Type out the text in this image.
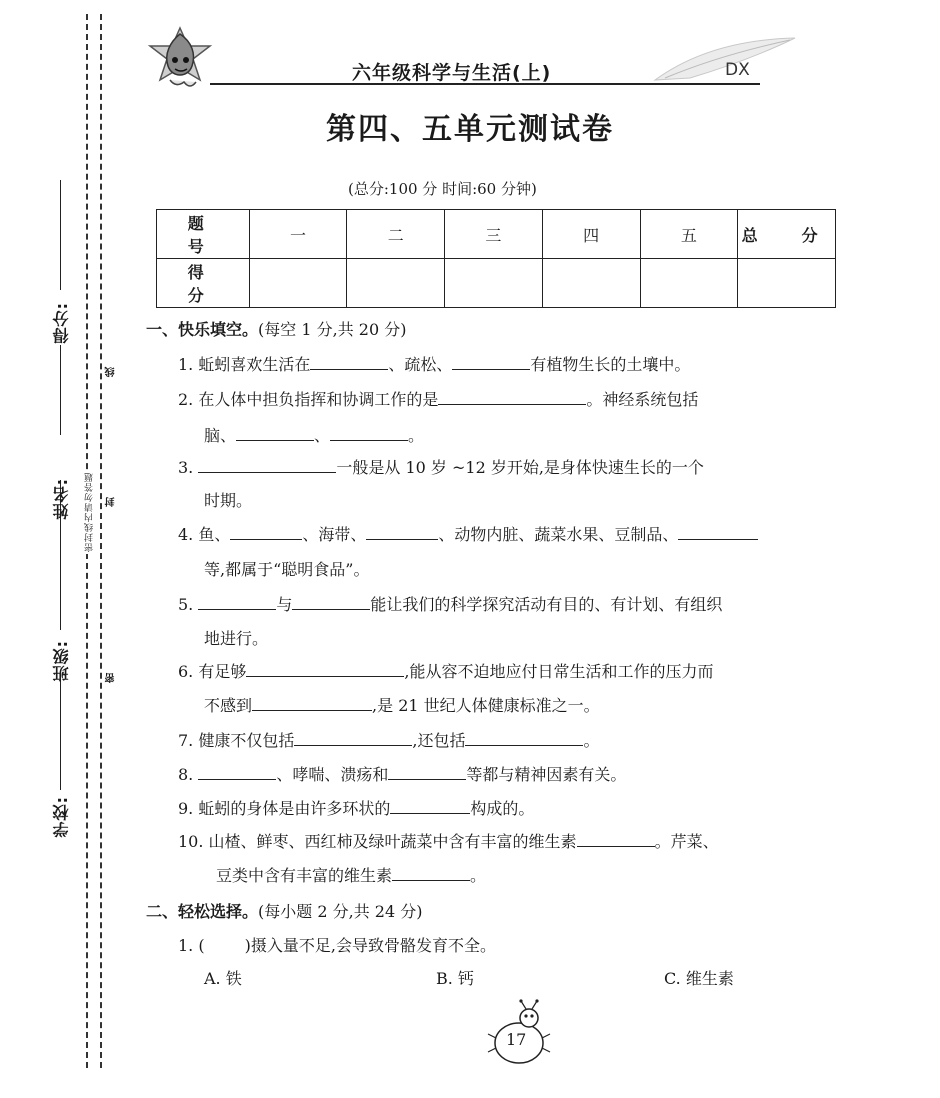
学校:
班级:
姓名:
得分:
线
封
密
密封线内请勿答题
六年级科学与生活(上)	DX
第四、五单元测试卷
(总分:100 分 时间:60 分钟)
题　号	一	二	三	四	五	总　分
得　分						
一、快乐填空。(每空 1 分,共 20 分)
1. 蚯蚓喜欢生活在	、疏松、	有植物生长的土壤中。
2. 在人体中担负指挥和协调工作的是	。神经系统包括
脑、	、	。
3.	一般是从 10 岁 ~12 岁开始,是身体快速生长的一个
时期。
4. 鱼、	、海带、	、动物内脏、蔬菜水果、豆制品、
等,都属于“聪明食品”。
5.	与	能让我们的科学探究活动有目的、有计划、有组织
地进行。
6. 有足够	,能从容不迫地应付日常生活和工作的压力而
不感到	,是 21 世纪人体健康标准之一。
7. 健康不仅包括	,还包括	。
8.	、哮喘、溃疡和	等都与精神因素有关。
9. 蚯蚓的身体是由许多环状的	构成的。
10. 山楂、鲜枣、西红柿及绿叶蔬菜中含有丰富的维生素	。芹菜、
豆类中含有丰富的维生素	。
二、轻松选择。(每小题 2 分,共 24 分)
1. (	)摄入量不足,会导致骨骼发育不全。
A. 铁	B. 钙	C. 维生素
17
